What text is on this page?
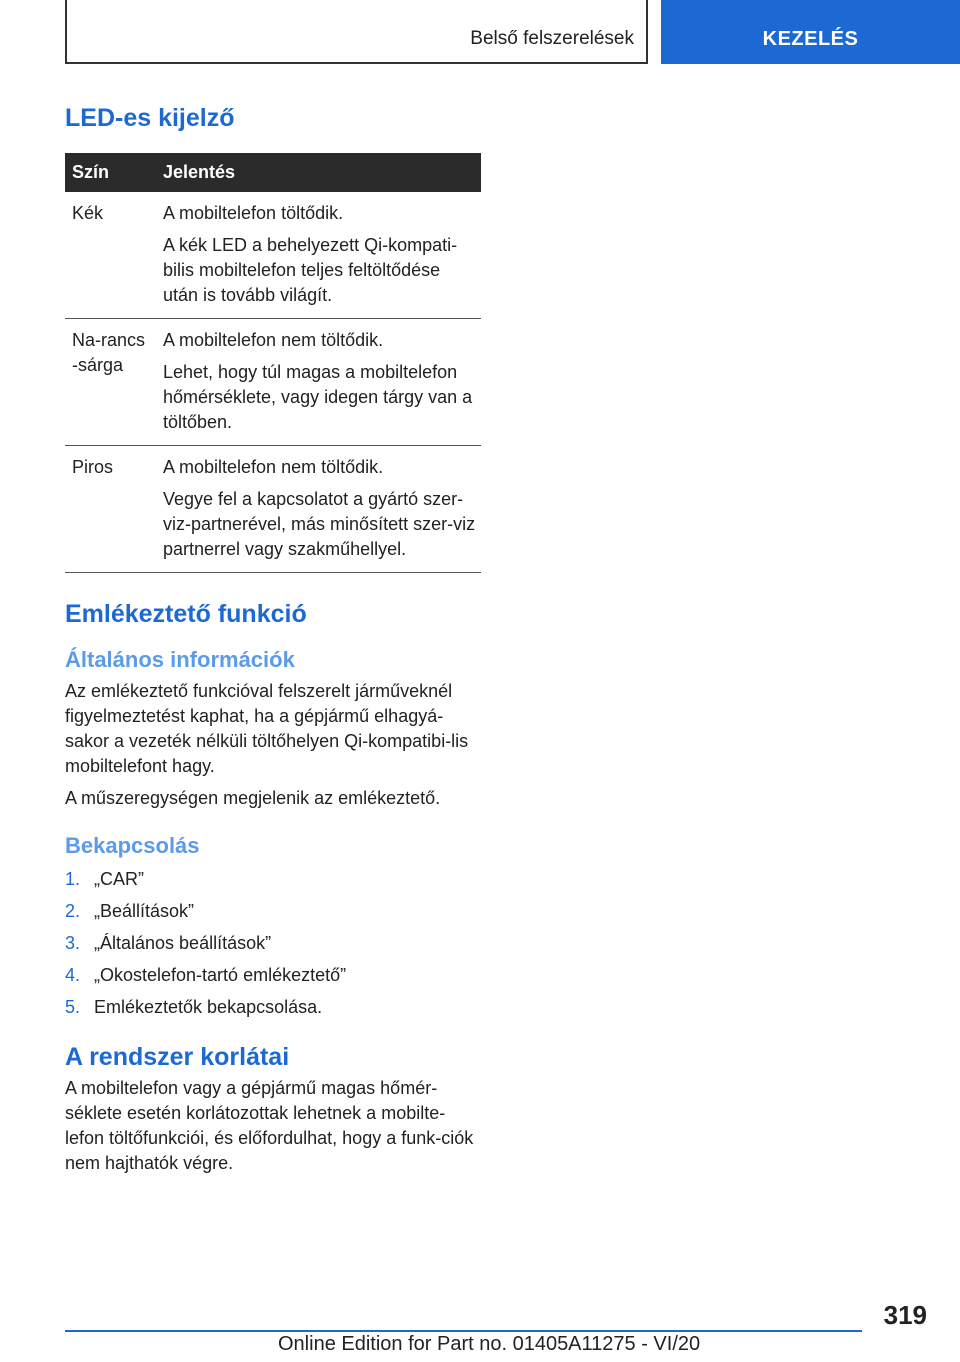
Belső felszerelések	KEZELÉS
LED-es kijelző
Szín	Jelentés
Kék	A mobiltelefon töltődik.

A kék LED a behelyezett Qi-kompati-bilis mobiltelefon teljes feltöltődése után is tovább világít.

Na-rancs-sárga	A mobiltelefon nem töltődik.

Lehet, hogy túl magas a mobiltelefon hőmérséklete, vagy idegen tárgy van a töltőben.

Piros	A mobiltelefon nem töltődik.

Vegye fel a kapcsolatot a gyártó szer-viz-partnerével, más minősített szer-viz partnerrel vagy szakműhellyel.

Emlékeztető funkció
Általános információk

Az emlékeztető funkcióval felszerelt járműveknél figyelmeztetést kaphat, ha a gépjármű elhagyá-sakor a vezeték nélküli töltőhelyen Qi-kompatibi-lis mobiltelefont hagy.

A műszeregységen megjelenik az emlékeztető.

Bekapcsolás
1. „CAR”
2. „Beállítások”
3. „Általános beállítások”
4. „Okostelefon-tartó emlékeztető”
5. Emlékeztetők bekapcsolása.
A rendszer korlátai

A mobiltelefon vagy a gépjármű magas hőmér-séklete esetén korlátozottak lehetnek a mobilte-lefon töltőfunkciói, és előfordulhat, hogy a funk-ciók nem hajthatók végre.

319
Online Edition for Part no. 01405A11275 - VI/20
